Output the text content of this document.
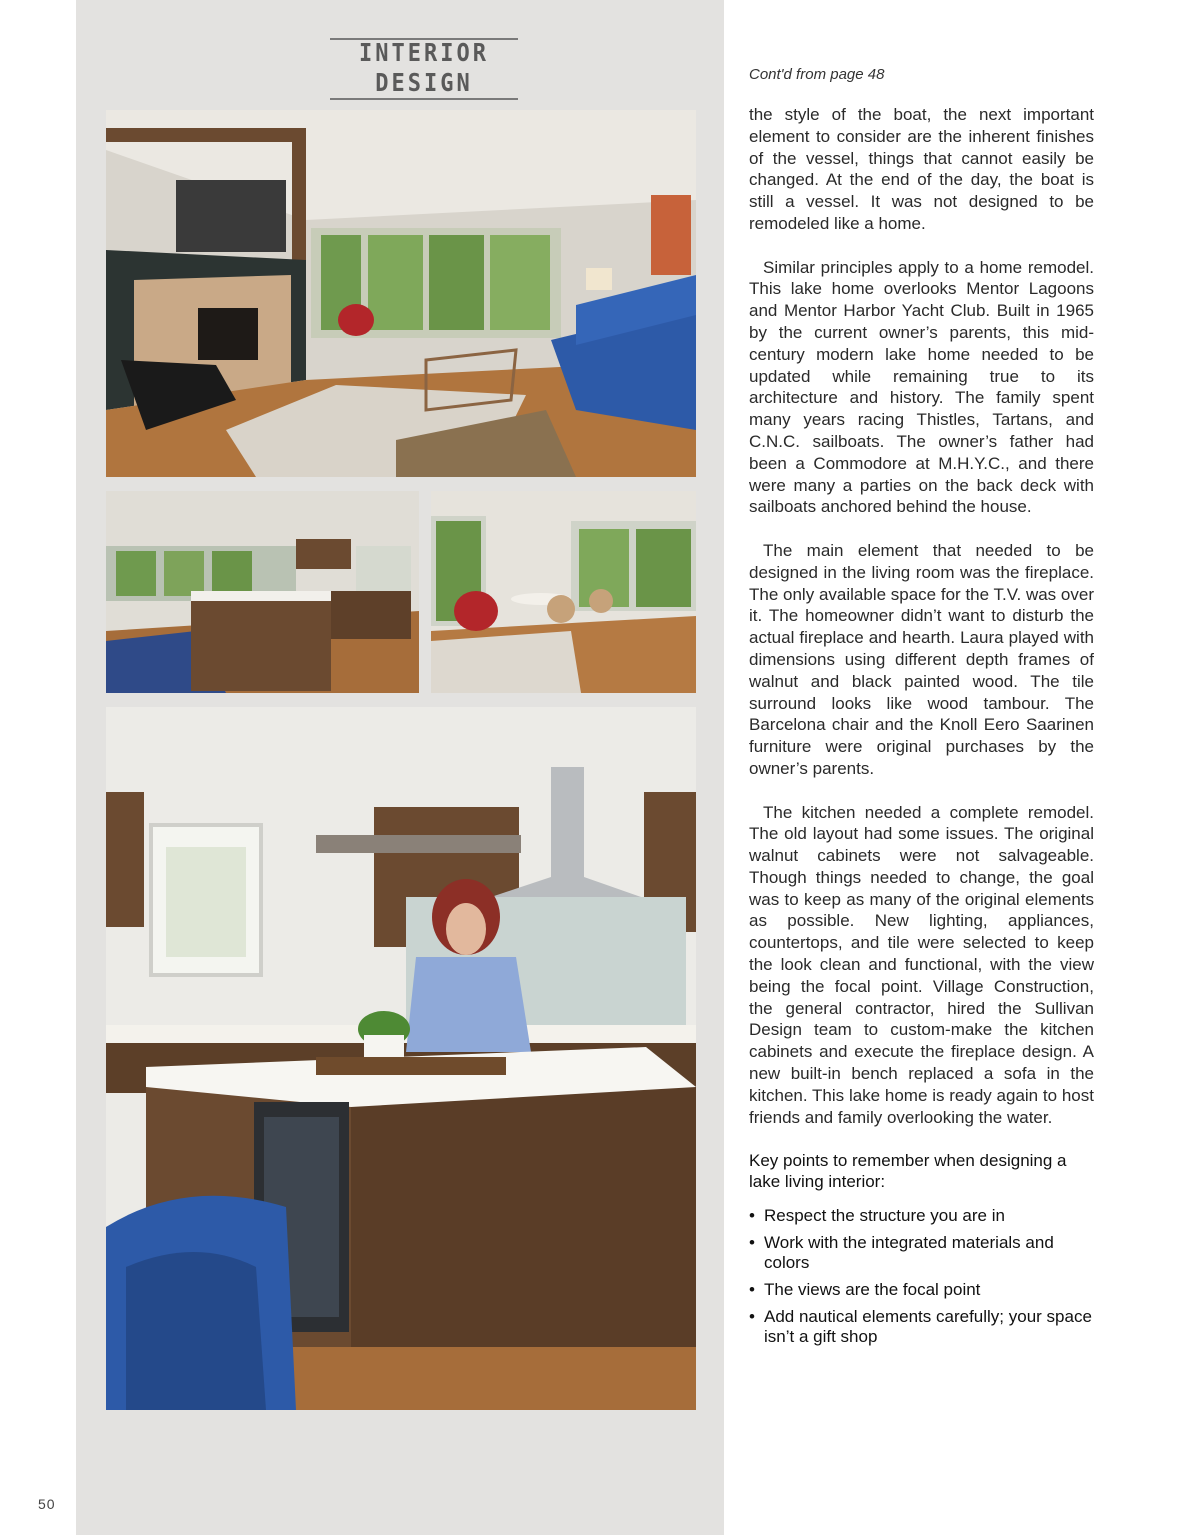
INTERIOR DESIGN
50
Cont'd from page 48

the style of the boat, the next important element to consider are the inherent finishes of the vessel, things that cannot easily be changed. At the end of the day, the boat is still a vessel. It was not designed to be remodeled like a home.

Similar principles apply to a home remodel. This lake home overlooks Mentor Lagoons and Mentor Harbor Yacht Club. Built in 1965 by the current owner’s parents, this mid-century modern lake home needed to be updated while remaining true to its architecture and history. The family spent many years racing Thistles, Tartans, and C.N.C. sailboats. The owner’s father had been a Commodore at M.H.Y.C., and there were many a parties on the back deck with sailboats anchored behind the house.

The main element that needed to be designed in the living room was the fireplace. The only available space for the T.V. was over it. The homeowner didn’t want to disturb the actual fireplace and hearth. Laura played with dimensions using different depth frames of walnut and black painted wood. The tile surround looks like wood tambour. The Barcelona chair and the Knoll Eero Saarinen furniture were original purchases by the owner’s parents.

The kitchen needed a complete remodel. The old layout had some issues. The original walnut cabinets were not salvageable. Though things needed to change, the goal was to keep as many of the original elements as possible. New lighting, appliances, countertops, and tile were selected to keep the look clean and functional, with the view being the focal point. Village Construction, the general contractor, hired the Sullivan Design team to custom-make the kitchen cabinets and execute the fireplace design. A new built-in bench replaced a sofa in the kitchen. This lake home is ready again to host friends and family overlooking the water.

Key points to remember when designing a lake living interior:
• Respect the structure you are in
• Work with the integrated materials and colors
• The views are the focal point
• Add nautical elements carefully; your space isn’t a gift shop
